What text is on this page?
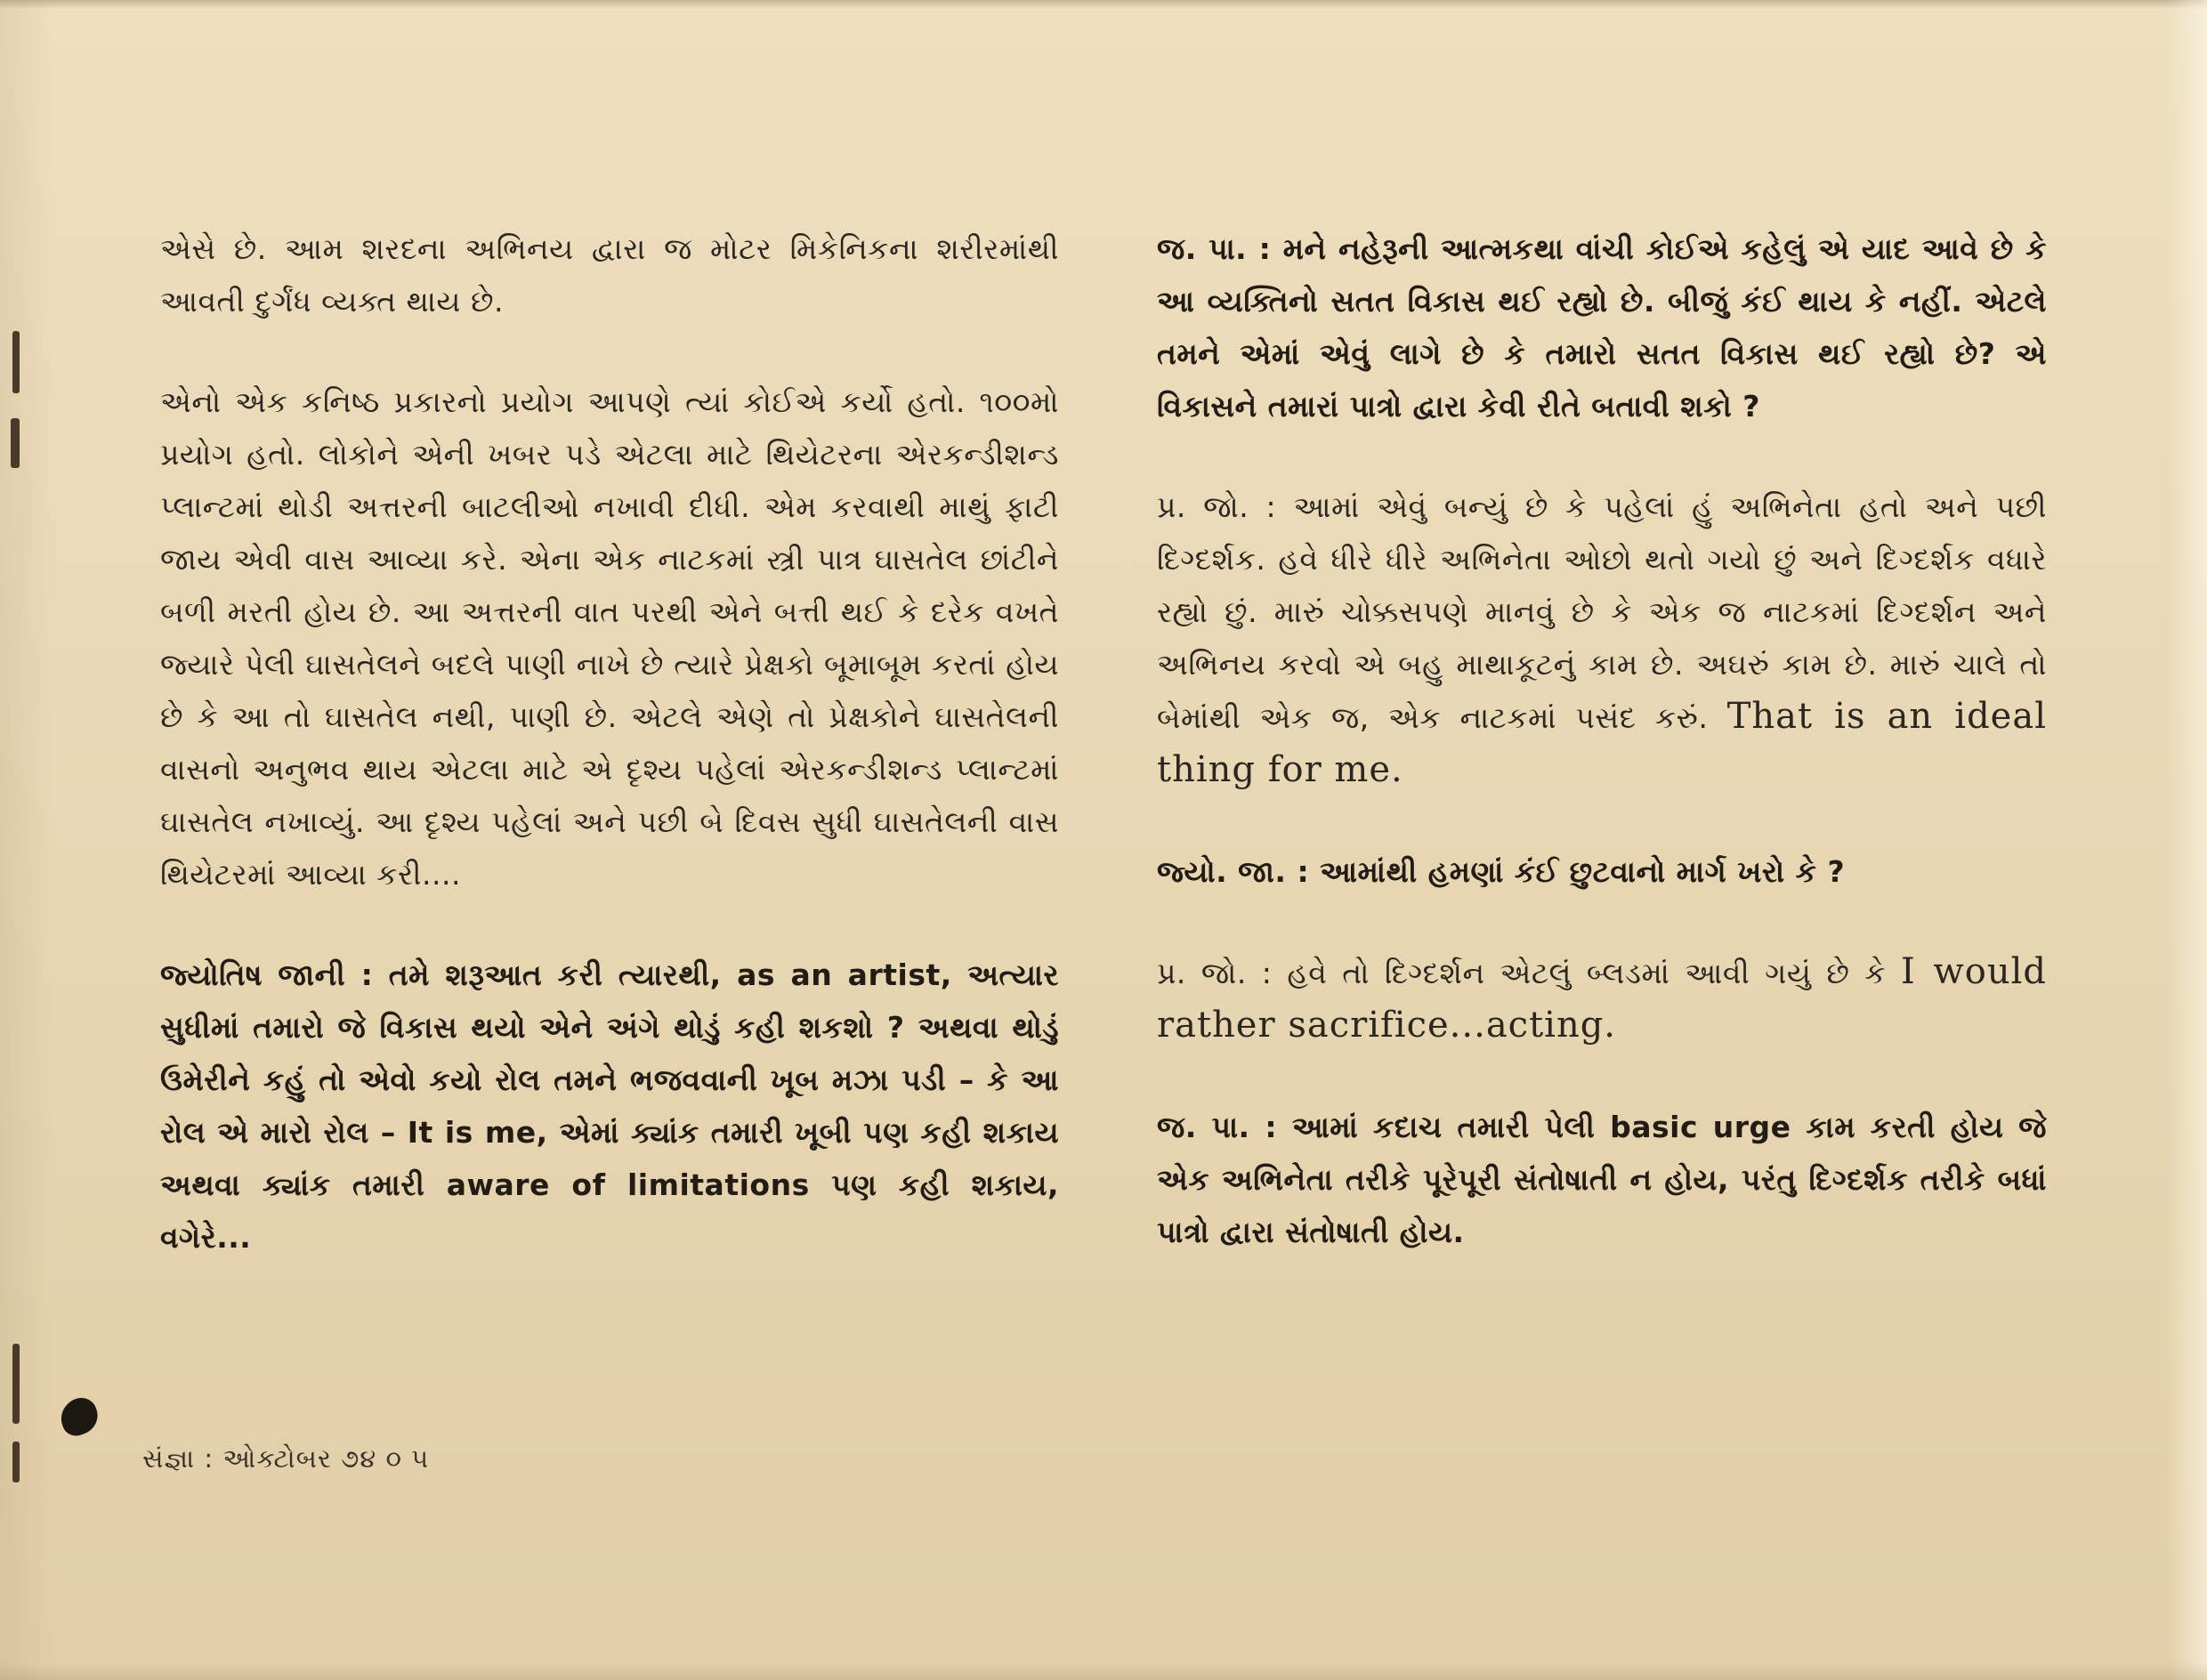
એસે છે. આમ શરદના અભિનય દ્વારા જ મોટર મિકેનિકના શરીરમાંથી આવતી દુર્ગંધ વ્યક્ત થાય છે.

એનો એક કનિષ્ઠ પ્રકારનો પ્રયોગ આપણે ત્યાં કોઈએ કર્યો હતો. ૧૦૦મો પ્રયોગ હતો. લોકોને એની ખબર પડે એટલા માટે થિયેટરના એરકન્ડીશન્ડ પ્લાન્ટમાં થોડી અત્તરની બાટલીઓ નખાવી દીધી. એમ કરવાથી માથું ફાટી જાય એવી વાસ આવ્યા કરે. એના એક નાટકમાં સ્ત્રી પાત્ર ઘાસતેલ છાંટીને બળી મરતી હોય છે. આ અત્તરની વાત પરથી એને બત્તી થઈ કે દરેક વખતે જ્યારે પેલી ઘાસતેલને બદલે પાણી નાખે છે ત્યારે પ્રેક્ષકો બૂમાબૂમ કરતાં હોય છે કે આ તો ઘાસતેલ નથી, પાણી છે. એટલે એણે તો પ્રેક્ષકોને ઘાસતેલની વાસનો અનુભવ થાય એટલા માટે એ દૃશ્ય પહેલાં એરકન્ડીશન્ડ પ્લાન્ટમાં ઘાસતેલ નખાવ્યું. આ દૃશ્ય પહેલાં અને પછી બે દિવસ સુધી ઘાસતેલની વાસ થિયેટરમાં આવ્યા કરી....

જ્યોતિષ જાની : તમે શરૂઆત કરી ત્યારથી, as an artist, અત્યાર સુધીમાં તમારો જે વિકાસ થયો એને અંગે થોડું કહી શકશો ? અથવા થોડું ઉમેરીને કહું તો એવો કયો રોલ તમને ભજવવાની ખૂબ મઝા પડી – કે આ રોલ એ મારો રોલ – It is me, એમાં ક્યાંક તમારી ખૂબી પણ કહી શકાય અથવા ક્યાંક તમારી aware of limitations પણ કહી શકાય, વગેરે...

જ. પા. : મને નહેરૂની આત્મકથા વાંચી કોઈએ કહેલું એ યાદ આવે છે કે આ વ્યક્તિનો સતત વિકાસ થઈ રહ્યો છે. બીજું કંઈ થાય કે નહીં. એટલે તમને એમાં એવું લાગે છે કે તમારો સતત વિકાસ થઈ રહ્યો છે? એ વિકાસને તમારાં પાત્રો દ્વારા કેવી રીતે બતાવી શકો ?

પ્ર. જો. : આમાં એવું બન્યું છે કે પહેલાં હું અભિનેતા હતો અને પછી દિગ્દર્શક. હવે ધીરે ધીરે અભિનેતા ઓછો થતો ગયો છું અને દિગ્દર્શક વધારે રહ્યો છું. મારું ચોક્કસપણે માનવું છે કે એક જ નાટકમાં દિગ્દર્શન અને અભિનય કરવો એ બહુ માથાકૂટનું કામ છે. અઘરું કામ છે. મારું ચાલે તો બેમાંથી એક જ, એક નાટકમાં પસંદ કરું. That is an ideal thing for me.

જ્યો. જા. : આમાંથી હમણાં કંઈ છુટવાનો માર્ગ ખરો કે ?

પ્ર. જો. : હવે તો દિગ્દર્શન એટલું બ્લડમાં આવી ગયું છે કે I would rather sacrifice...acting.

જ. પા. : આમાં કદાચ તમારી પેલી basic urge કામ કરતી હોય જે એક અભિનેતા તરીકે પૂરેપૂરી સંતોષાતી ન હોય, પરંતુ દિગ્દર્શક તરીકે બધાં પાત્રો દ્વારા સંતોષાતી હોય.

સંજ્ઞા : ઓક્ટોબર ૭૪ ૦ ૫
